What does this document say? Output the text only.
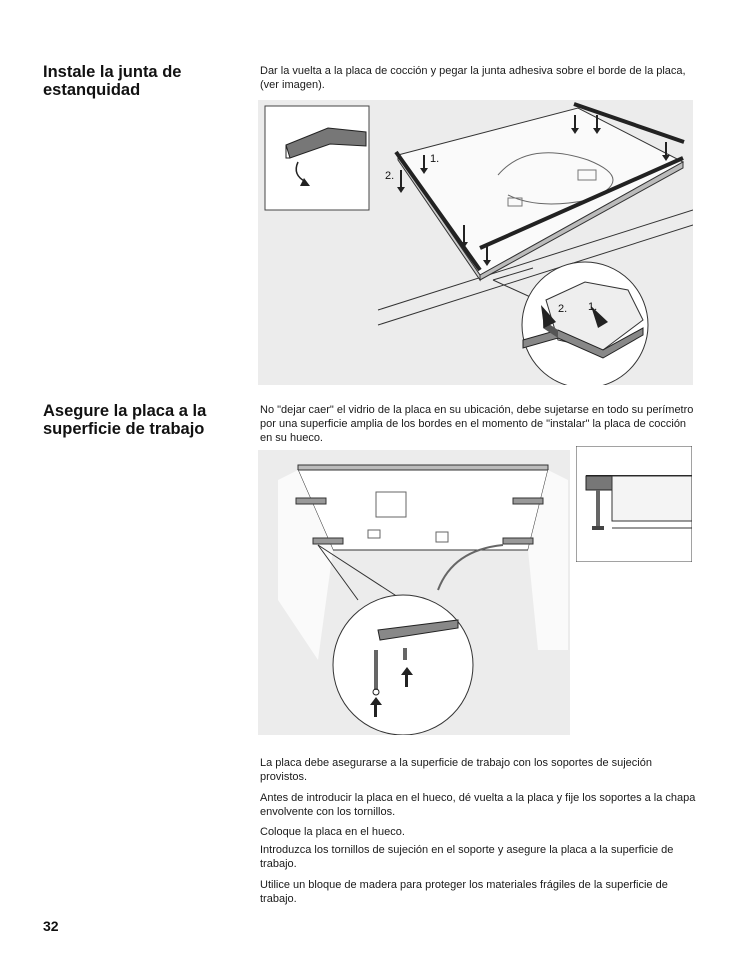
Instale la junta de estanquidad
Dar la vuelta a la placa de cocción y pegar la junta adhesiva sobre el borde de la placa, (ver imagen).
1.
2.
2. 1.
Asegure la placa a la superficie de trabajo
No "dejar caer" el vidrio de la placa en su ubicación, debe sujetarse en todo su perímetro por una superficie amplia de los bordes en el momento de "instalar" la placa de cocción en su hueco.
La placa debe asegurarse a la superficie de trabajo con los soportes de sujeción provistos.
Antes de introducir la placa en el hueco, dé vuelta a la placa y fije los soportes a la chapa envolvente con los tornillos.
Coloque la placa en el hueco.
Introduzca los tornillos de sujeción en el soporte y asegure la placa a la superficie de trabajo.
Utilice un bloque de madera para proteger los materiales frágiles de la superficie de trabajo.
32
